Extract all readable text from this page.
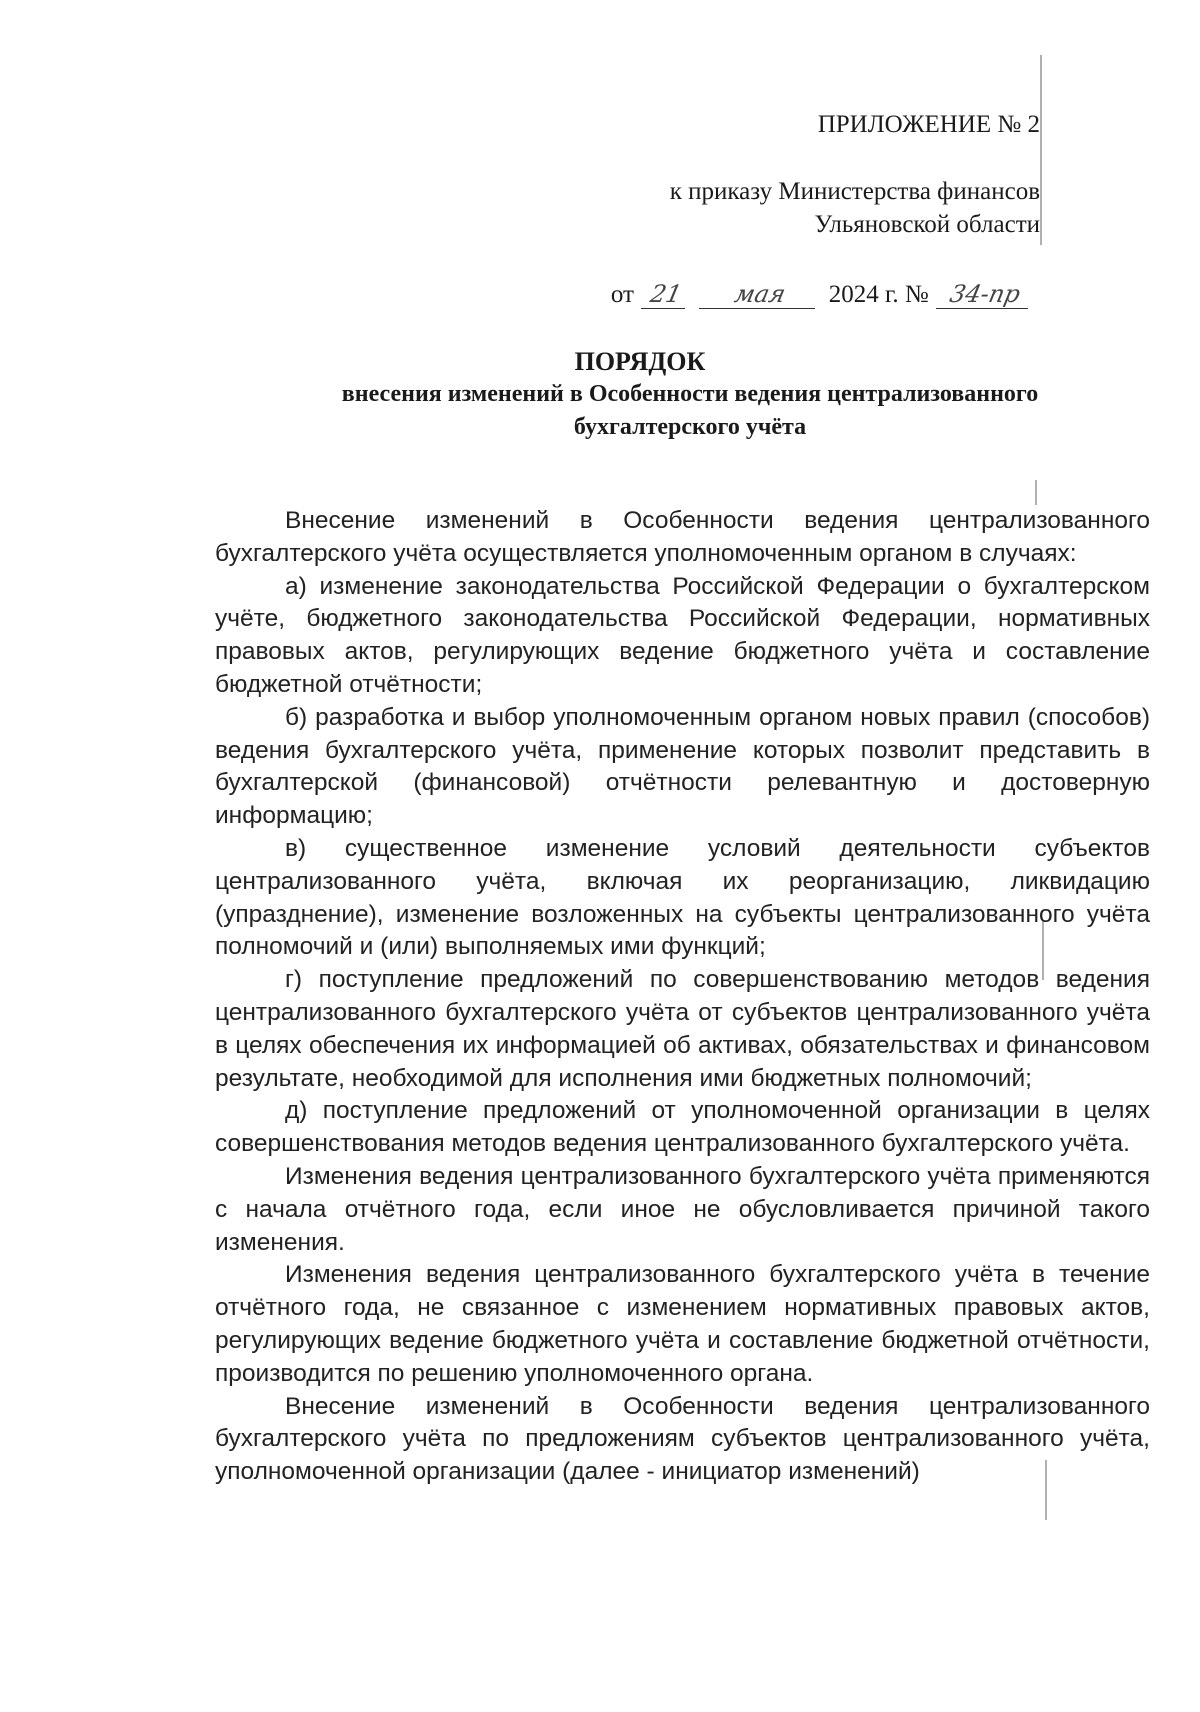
ПРИЛОЖЕНИЕ № 2
к приказу Министерства финансов
Ульяновской области
от 21 мая 2024 г. № 34-пр
ПОРЯДОК
внесения изменений в Особенности ведения централизованного
бухгалтерского учёта

Внесение изменений в Особенности ведения централизованного бухгалтерского учёта осуществляется уполномоченным органом в случаях:

а) изменение законодательства Российской Федерации о бухгалтерском учёте, бюджетного законодательства Российской Федерации, нормативных правовых актов, регулирующих ведение бюджетного учёта и составление бюджетной отчётности;

б) разработка и выбор уполномоченным органом новых правил (способов) ведения бухгалтерского учёта, применение которых позволит представить в бухгалтерской (финансовой) отчётности релевантную и достоверную информацию;

в) существенное изменение условий деятельности субъектов централизованного учёта, включая их реорганизацию, ликвидацию (упразднение), изменение возложенных на субъекты централизованного учёта полномочий и (или) выполняемых ими функций;

г) поступление предложений по совершенствованию методов ведения централизованного бухгалтерского учёта от субъектов централизованного учёта в целях обеспечения их информацией об активах, обязательствах и финансовом результате, необходимой для исполнения ими бюджетных полномочий;

д) поступление предложений от уполномоченной организации в целях совершенствования методов ведения централизованного бухгалтерского учёта.

Изменения ведения централизованного бухгалтерского учёта применяются с начала отчётного года, если иное не обусловливается причиной такого изменения.

Изменения ведения централизованного бухгалтерского учёта в течение отчётного года, не связанное с изменением нормативных правовых актов, регулирующих ведение бюджетного учёта и составление бюджетной отчётности, производится по решению уполномоченного органа.

Внесение изменений в Особенности ведения централизованного бухгалтерского учёта по предложениям субъектов централизованного учёта, уполномоченной организации (далее - инициатор изменений)
